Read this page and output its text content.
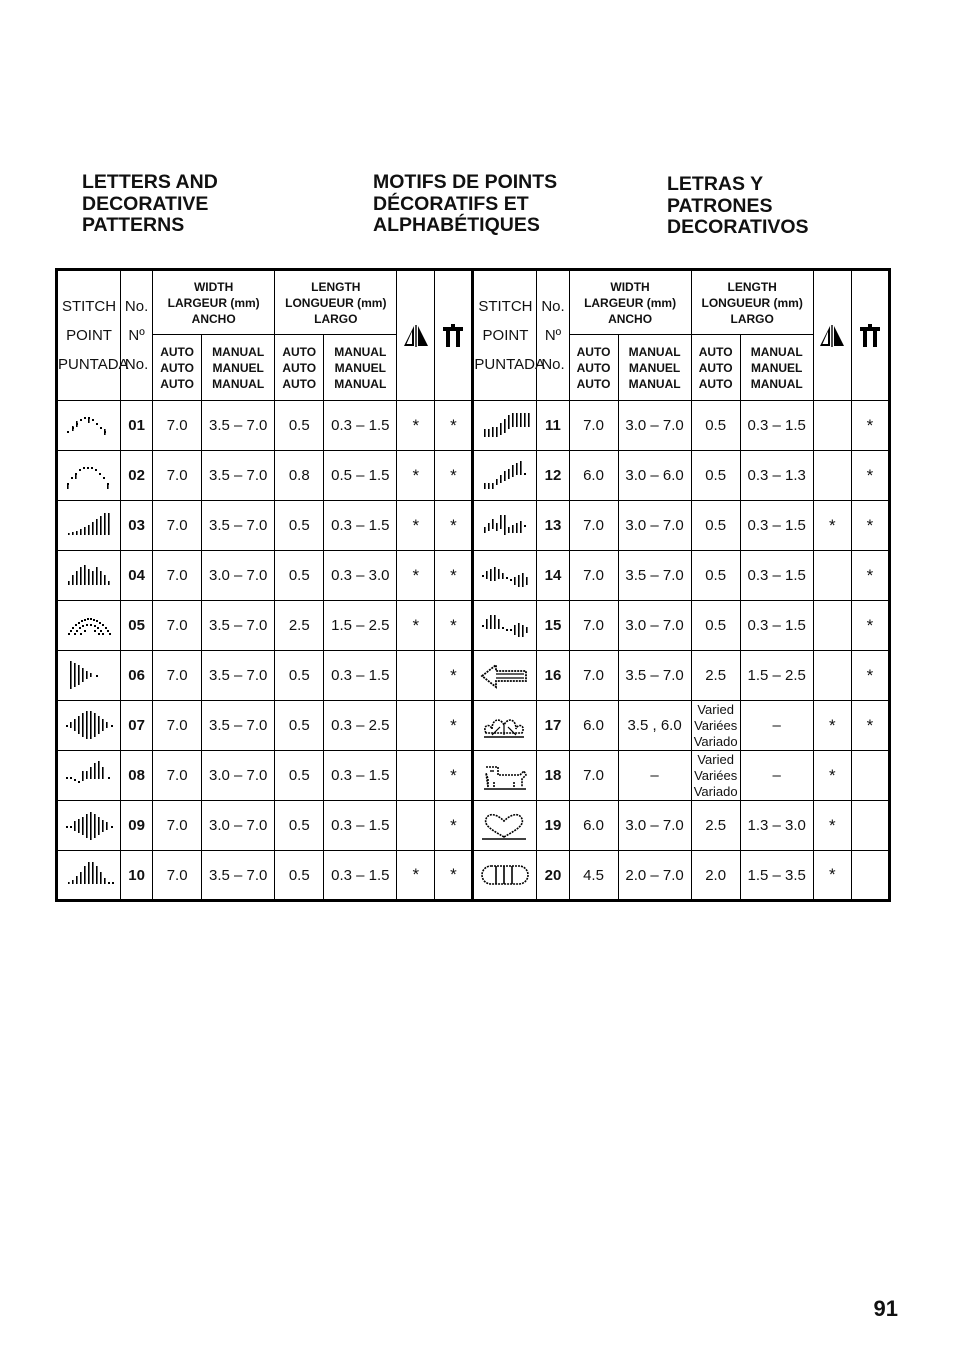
LETTERS AND
DECORATIVE
PATTERNS
MOTIFS DE POINTS
DÉCORATIFS ET
ALPHABÉTIQUES
LETRAS Y
PATRONES
DECORATIVOS
STITCH
POINT
PUNTADA	No.
Nº
No.	WIDTH
LARGEUR (mm)
ANCHO		LENGTH
LONGUEUR (mm)
LARGO				STITCH
POINT
PUNTADA	No.
Nº
No.	WIDTH
LARGEUR (mm)
ANCHO		LENGTH
LONGUEUR (mm)
LARGO	

		AUTO
AUTO
AUTO	MANUAL
MANUEL
MANUAL	AUTO
AUTO
AUTO	MANUAL
MANUEL
MANUAL					AUTO
AUTO
AUTO	MANUAL
MANUEL
MANUAL	AUTO
AUTO
AUTO	MANUAL
MANUEL
MANUAL		

	01	7.0	3.5 – 7.0	0.5	0.3 – 1.5	*	*		11	7.0	3.0 – 7.0	0.5	0.3 – 1.5		*

	02	7.0	3.5 – 7.0	0.8	0.5 – 1.5	*	*		12	6.0	3.0 – 6.0	0.5	0.3 – 1.3		*

	03	7.0	3.5 – 7.0	0.5	0.3 – 1.5	*	*		13	7.0	3.0 – 7.0	0.5	0.3 – 1.5	*	*

	04	7.0	3.0 – 7.0	0.5	0.3 – 3.0	*	*		14	7.0	3.5 – 7.0	0.5	0.3 – 1.5		*

	05	7.0	3.5 – 7.0	2.5	1.5 – 2.5	*	*		15	7.0	3.0 – 7.0	0.5	0.3 – 1.5		*

	06	7.0	3.5 – 7.0	0.5	0.3 – 1.5		*		16	7.0	3.5 – 7.0	2.5	1.5 – 2.5		*

	07	7.0	3.5 – 7.0	0.5	0.3 – 2.5		*		17	6.0	3.5 , 6.0	Varied
Variées
Variado	–	*	*

	08	7.0	3.0 – 7.0	0.5	0.3 – 1.5		*		18	7.0	–	Varied
Variées
Variado	–	*	

	09	7.0	3.0 – 7.0	0.5	0.3 – 1.5		*		19	6.0	3.0 – 7.0	2.5	1.3 – 3.0	*	

	10	7.0	3.5 – 7.0	0.5	0.3 – 1.5	*	*		20	4.5	2.0 – 7.0	2.0	1.5 – 3.5	*	
91
